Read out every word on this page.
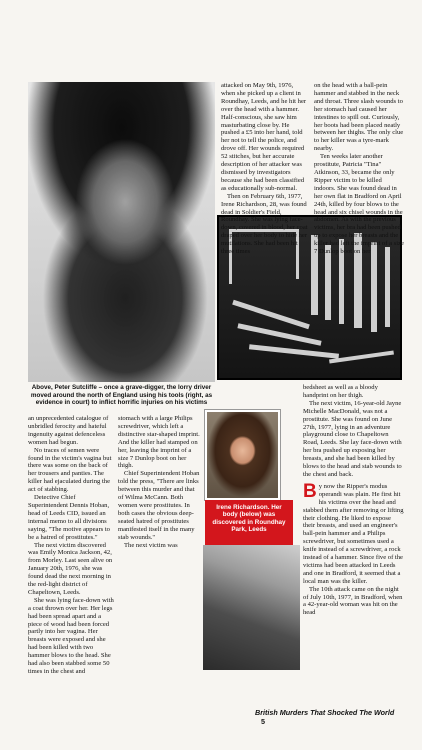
Irene Richardson. Her body (below) was discovered in Roundhay Park, Leeds
Above, Peter Sutcliffe – once a grave-digger, the lorry driver moved around the north of England using his tools (right, as evidence in court) to inflict horrific injuries on his victims

attacked on May 9th, 1976, when she picked up a client in Roundhay, Leeds, and he hit her over the head with a hammer. Half-conscious, she saw him masturbating close by. He pushed a £5 into her hand, told her not to tell the police, and drove off. Her wounds required 52 stitches, but her accurate description of her attacker was dismissed by investigators because she had been classified as educationally sub-normal.

Then on February 6th, 1977, Irene Richardson, 28, was found dead in Soldier's Field, Roundhay. She was lying face-down, covered in blood, her coat draped over her body to hide her mutilations. She had been hit three times

on the head with a ball-pein hammer and stabbed in the neck and throat. Three slash wounds to her stomach had caused her intestines to spill out. Curiously, her boots had been placed neatly between her thighs. The only clue to her killer was a tyre-mark nearby.

Ten weeks later another prostitute, Patricia "Tina" Atkinson, 33, became the only Ripper victim to be killed indoors. She was found dead in her own flat in Bradford on April 24th, killed by four blows to the head and six chisel wounds in the abdomen. As with the previous victims, her bra had been pushed up to expose her breasts and the killer had left the imprint of a size 7 Dunlop boot on her

an unprecedented catalogue of unbridled ferocity and hateful ingenuity against defenceless women had begun.

No traces of semen were found in the victim's vagina but there was some on the back of her trousers and panties. The killer had ejaculated during the act of stabbing.

Detective Chief Superintendent Dennis Hoban, head of Leeds CID, issued an internal memo to all divisions saying, "The motive appears to be a hatred of prostitutes."

The next victim discovered was Emily Monica Jackson, 42, from Morley. Last seen alive on January 20th, 1976, she was found dead the next morning in the red-light district of Chapeltown, Leeds.

She was lying face-down with a coat thrown over her. Her legs had been spread apart and a piece of wood had been forced partly into her vagina. Her breasts were exposed and she had been killed with two hammer blows to the head. She had also been stabbed some 50 times in the chest and

stomach with a large Philips screwdriver, which left a distinctive star-shaped imprint. And the killer had stamped on her, leaving the imprint of a size 7 Dunlop boot on her thigh.

Chief Superintendent Hoban told the press, "There are links between this murder and that of Wilma McCann. Both women were prostitutes. In both cases the obvious deep-seated hatred of prostitutes manifested itself in the many stab wounds."

The next victim was

bedsheet as well as a bloody handprint on her thigh.

The next victim, 16-year-old Jayne Michelle MacDonald, was not a prostitute. She was found on June 27th, 1977, lying in an adventure playground close to Chapeltown Road, Leeds. She lay face-down with her bra pushed up exposing her breasts, and she had been killed by blows to the head and stab wounds to the chest and back.

By now the Ripper's modus operandi was plain. He first hit his victims over the head and stabbed them after removing or lifting their clothing. He liked to expose their breasts, and used an engineer's ball-pein hammer and a Philips screwdriver, but sometimes used a knife instead of a screwdriver, a rock instead of a hammer. Since five of the victims had been attacked in Leeds and one in Bradford, it seemed that a local man was the killer.

The 10th attack came on the night of July 10th, 1977, in Bradford, when a 42-year-old woman was hit on the head

British Murders That Shocked The World 5
